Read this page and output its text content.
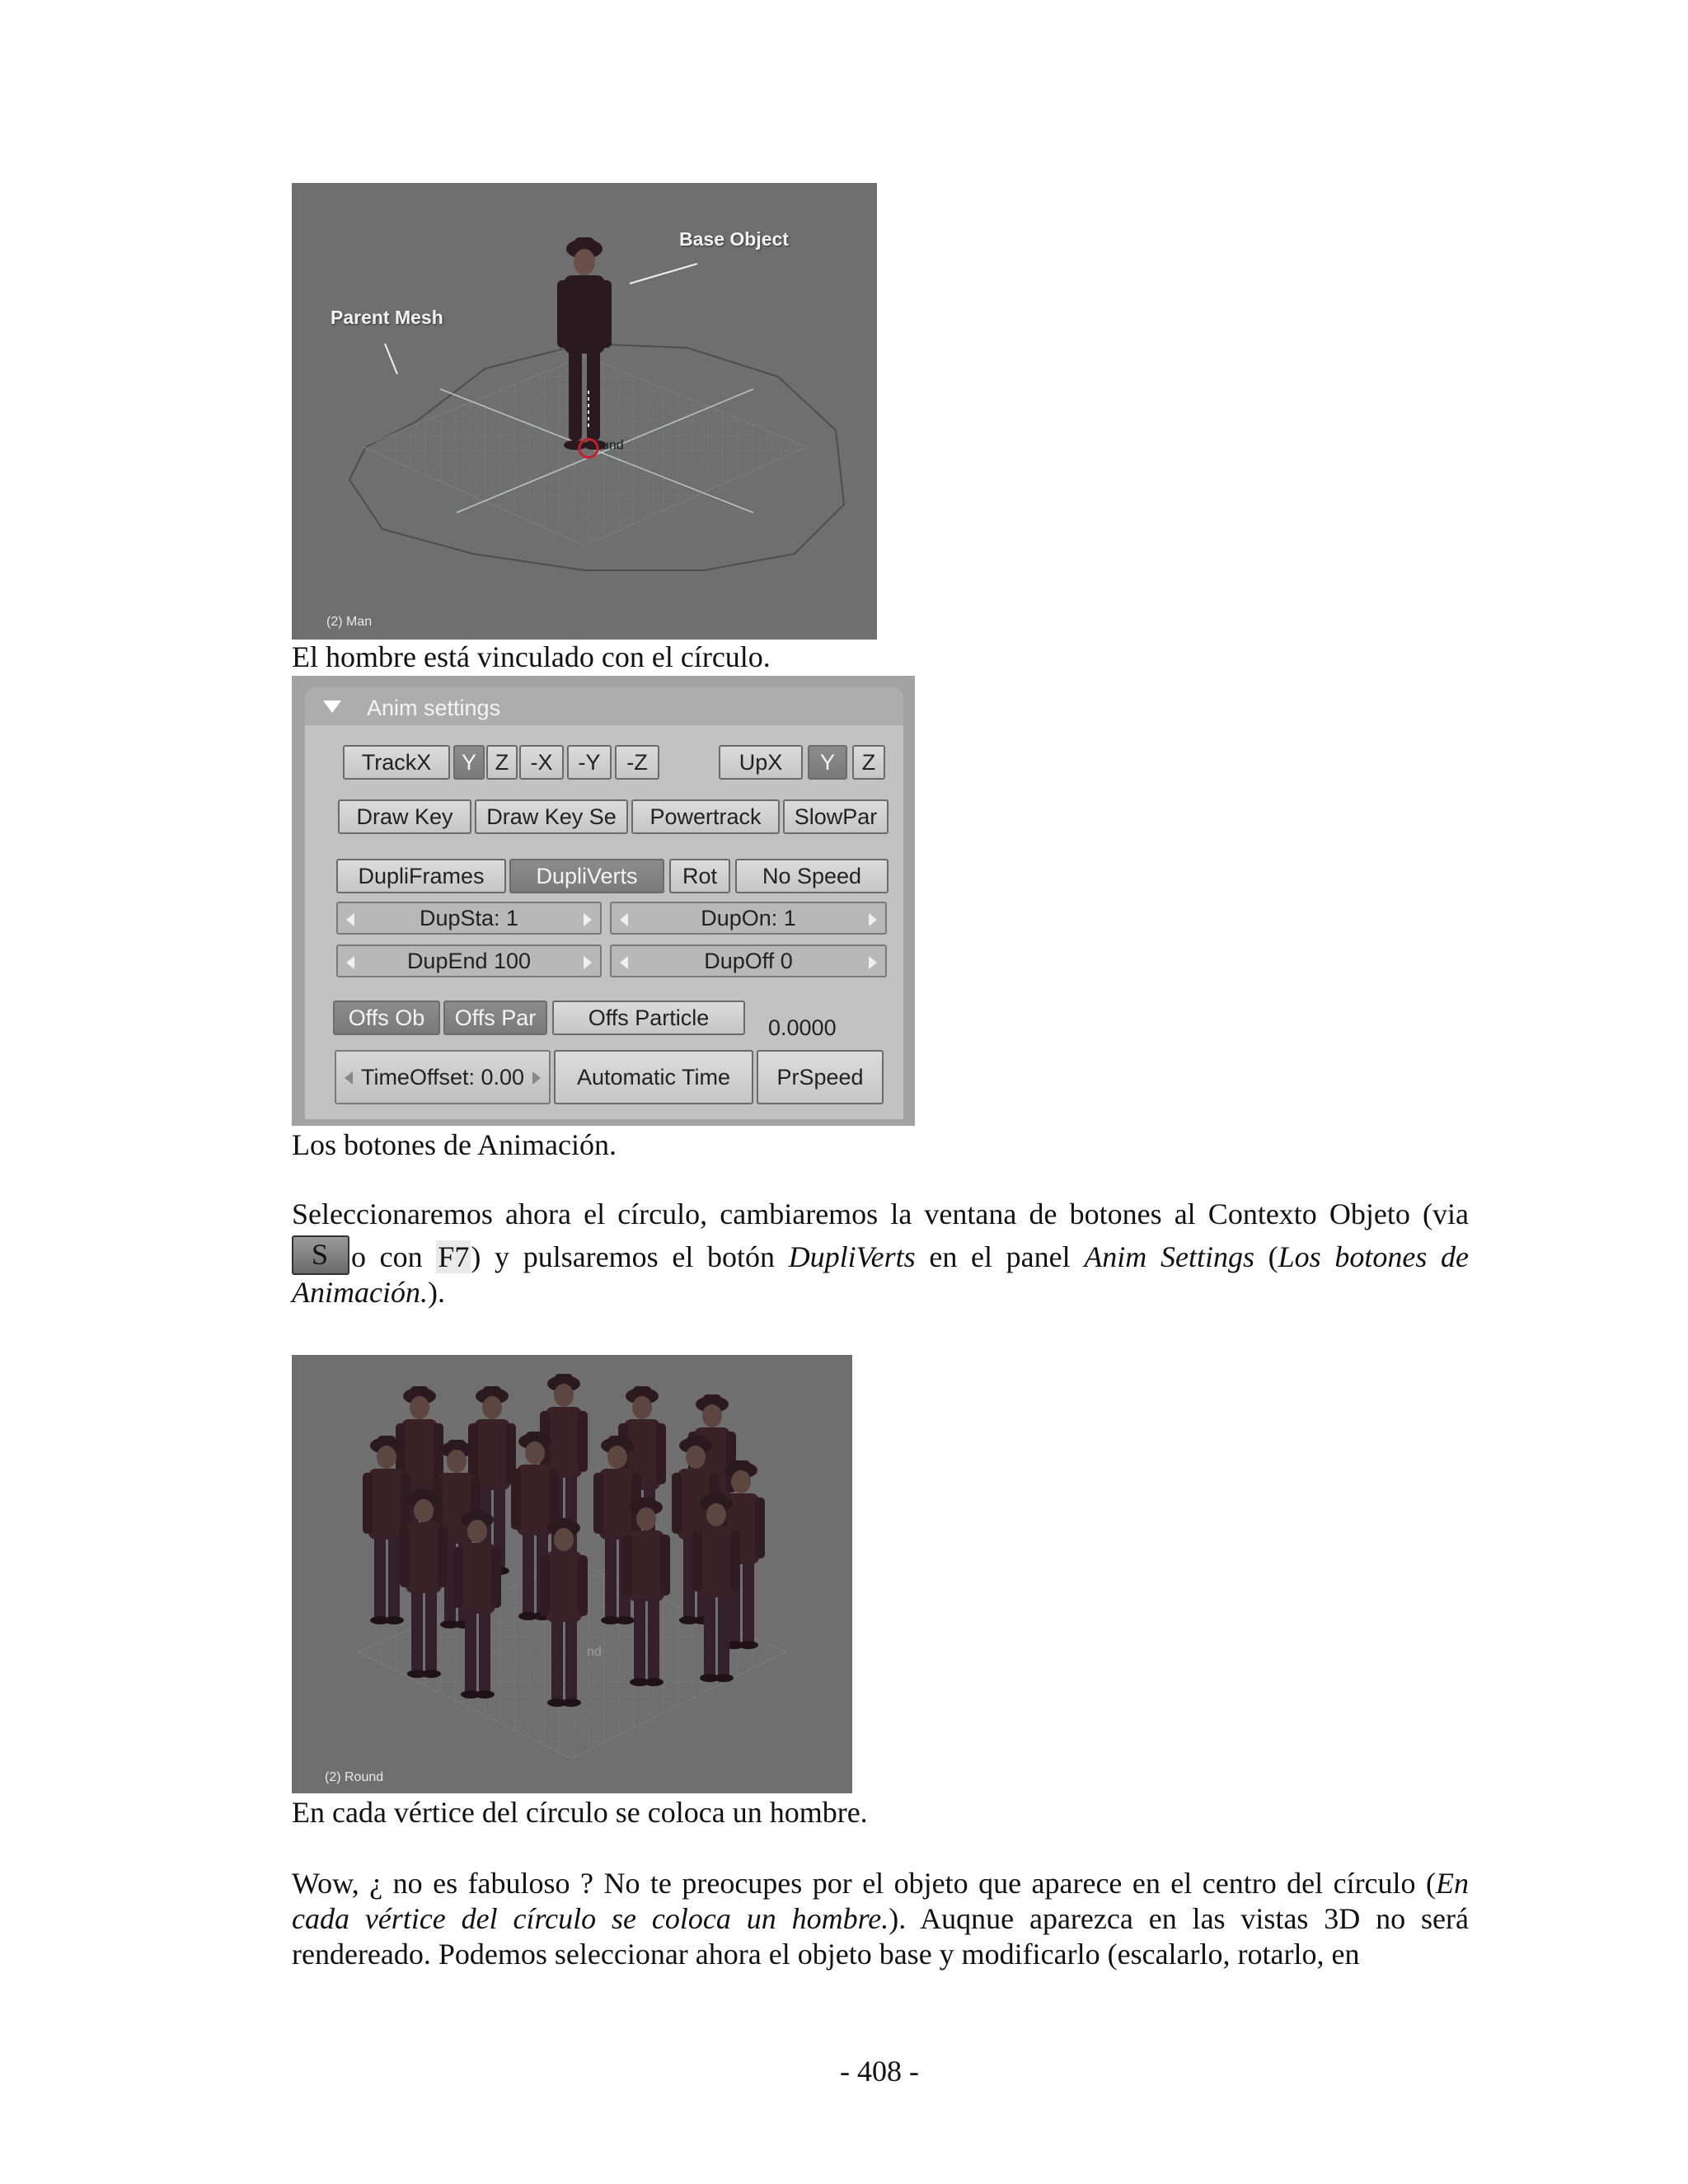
Base Object
Parent Mesh
und
(2) Man
El hombre está vinculado con el círculo.
Anim settings
TrackX	Y Z -X	-Y	-Z	UpX	Y	Z
Draw Key	Draw Key Se	Powertrack	SlowPar
DupliFrames	DupliVerts	Rot	No Speed
DupSta: 1	DupOn: 1
DupEnd 100	DupOff 0
Offs Ob	Offs Par	Offs Particle	0.0000
TimeOffset: 0.00	Automatic Time	PrSpeed
Los botones de Animación.
Seleccionaremos ahora el círculo, cambiaremos la ventana de botones al Contexto Objeto (via
S o con F7) y pulsaremos el botón DupliVerts en el panel Anim Settings (Los botones de
Animación.).
nd
(2) Round
En cada vértice del círculo se coloca un hombre.
Wow, ¿ no es fabuloso ? No te preocupes por el objeto que aparece en el centro del círculo (En cada vértice del círculo se coloca un hombre.). Auqnue aparezca en las vistas 3D no será rendereado. Podemos seleccionar ahora el objeto base y modificarlo (escalarlo, rotarlo, en
- 408 -
